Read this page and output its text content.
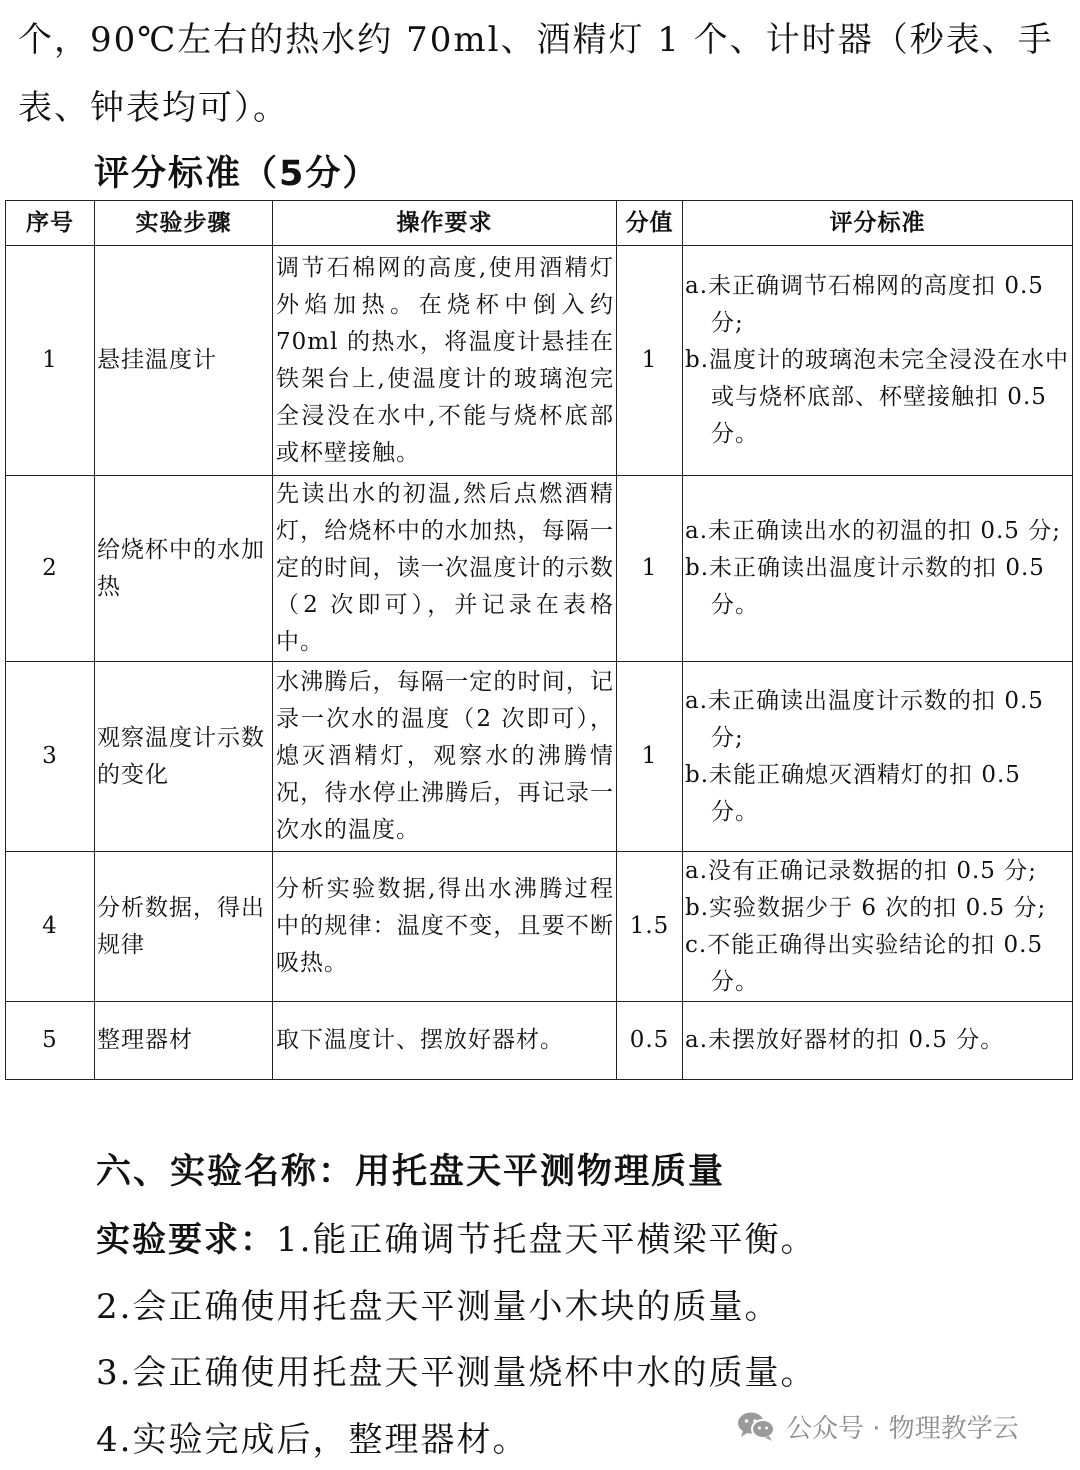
个，90℃左右的热水约 70ml、酒精灯 1 个、计时器（秒表、手
表、钟表均可）。
评分标准（5分）
序号	实验步骤	操作要求	分值	评分标准
1	悬挂温度计	调节石棉网的高度,使用酒精灯外焰加热。在烧杯中倒入约70ml 的热水，将温度计悬挂在铁架台上,使温度计的玻璃泡完全浸没在水中,不能与烧杯底部或杯壁接触。	1	a.未正确调节石棉网的高度扣 0.5 分;
b.温度计的玻璃泡未完全浸没在水中或与烧杯底部、杯壁接触扣 0.5 分。

2	给烧杯中的水加热	先读出水的初温,然后点燃酒精灯，给烧杯中的水加热，每隔一定的时间，读一次温度计的示数（2 次即可），并记录在表格中。	1	a.未正确读出水的初温的扣 0.5 分;
b.未正确读出温度计示数的扣 0.5 分。

3	观察温度计示数的变化	水沸腾后，每隔一定的时间，记录一次水的温度（2 次即可），熄灭酒精灯，观察水的沸腾情况，待水停止沸腾后，再记录一次水的温度。	1	a.未正确读出温度计示数的扣 0.5 分;
b.未能正确熄灭酒精灯的扣 0.5 分。

4	分析数据，得出规律	分析实验数据,得出水沸腾过程中的规律：温度不变，且要不断吸热。	1.5	a.没有正确记录数据的扣 0.5 分;
b.实验数据少于 6 次的扣 0.5 分;
c.不能正确得出实验结论的扣 0.5 分。

5	整理器材	取下温度计、摆放好器材。	0.5	a.未摆放好器材的扣 0.5 分。
六、实验名称：用托盘天平测物理质量
实验要求：1.能正确调节托盘天平横梁平衡。
2.会正确使用托盘天平测量小木块的质量。
3.会正确使用托盘天平测量烧杯中水的质量。
4.实验完成后，整理器材。	公众号 · 物理教学云
